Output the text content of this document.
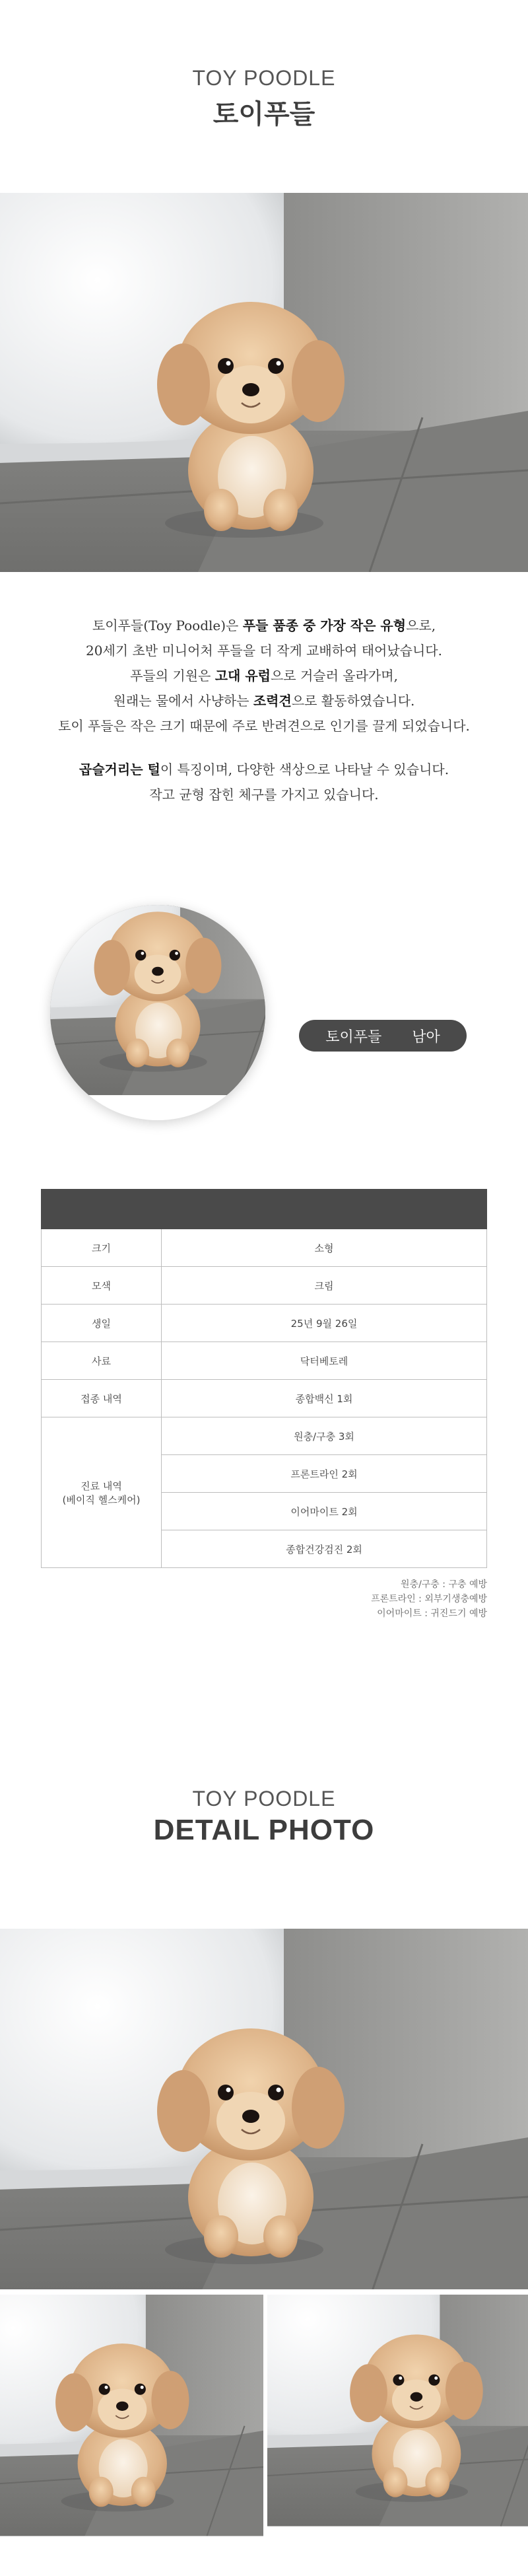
TOY POODLE
토이푸들
토이푸들(Toy Poodle)은 푸들 품종 중 가장 작은 유형으로,
20세기 초반 미니어처 푸들을 더 작게 교배하여 태어났습니다.
푸들의 기원은 고대 유럽으로 거슬러 올라가며,
원래는 물에서 사냥하는 조력견으로 활동하였습니다.
토이 푸들은 작은 크기 때문에 주로 반려견으로 인기를 끌게 되었습니다.
곱슬거리는 털이 특징이며, 다양한 색상으로 나타날 수 있습니다.
작고 균형 잡힌 체구를 가지고 있습니다.
토이푸들 남아

크기	소형
모색	크림
생일	25년 9월 26일
사료	닥터베토레
접종 내역	종합백신 1회

진료 내역
(베이직 헬스케어)	원충/구충 3회
	프론트라인 2회
	이어마이트 2회
	종합건강검진 2회
원충/구충 : 구충 예방
프론트라인 : 외부기생충예방
이어마이트 : 귀진드기 예방
TOY POODLE
DETAIL PHOTO
